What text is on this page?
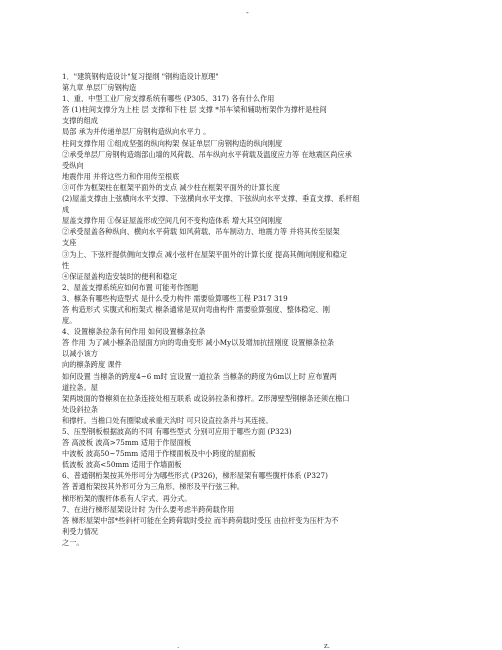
-
1．"建筑钢构造设计"复习提纲 "钢构造设计原理"
第九章 单层厂房钢构造
1、重、中型工业厂房支撑系统有哪些 (P305、317) 各有什么作用
答 (1)柱间支撑分为上柱 层 支撑和下柱 层 支撑 *吊车梁和辅助桁架作为撑杆是柱间
支撑的组成
局部 承为并传递单层厂房钢构造纵向水平力 。
柱间支撑作用 ①组成坚强的纵向构架 保证单层厂房钢构造的纵向刚度
②承受单层厂房钢构造端部山墙的风荷载、吊车纵向水平荷载及温度应力等 在地震区尚应承
受纵向
地震作用 并将这些力和作用传至根底
③可作为框架柱在框架平面外的支点 减少柱在框架平面外的计算长度
(2)屋盖支撑由上弦横向水平支撑、下弦横向水平支撑、下弦纵向水平支撑、垂直支撑、系杆组
成
屋盖支撑作用 ①保证屋盖形成空间几何不变构造体系 增大其空间刚度
②承受屋盖各种纵向、横向水平荷载 如风荷载、吊车制动力、地震力等 并将其传至屋架
支座
③为上、下弦杆提供侧向支撑点 减小弦杆在屋架平面外的计算长度 提高其侧向刚度和稳定
性
④保证屋盖构造安装时的便利和稳定
2、屋盖支撑系统应如何布置 可能考作图题
3、檩条有哪些构造型式 是什么受力构件 需要验算哪些工程 P317 319
答 构造形式 实腹式和桁架式 檩条通常是双向弯曲构件 需要验算强度、整体稳定、刚
度。
4、设置檩条拉条有何作用 如何设置檩条拉条
答 作用 为了减小檩条沿屋面方向的弯曲变形 减小My以及增加抗扭刚度 设置檩条拉条
以减小该方
向的檩条跨度 课件
如何设置 当檩条的跨度4~6 m时 宜设置一道拉条 当檩条的跨度为6m以上时 应布置两
道拉条。屋
架两坡面的脊檩须在拉条连接处相互联系 或设斜拉条和撑杆。Z形薄壁型钢檩条还须在檐口
处设斜拉条
和撑杆。当檐口处有圈梁或承重天沟时 可只设直拉条并与其连接。
5、压型钢板根据波高的不同 有哪些型式 分别可应用于哪些方面 (P323)
答 高波板 波高>75mm 适用于作屋面板
中波板 波高50~75mm 适用于作楼面板及中小跨度的屋面板
低波板 波高<50mm 适用于作墙面板
6、普通钢桁架按其外形可分为哪些形式 (P326)，梯形屋架有哪些腹杆体系 (P327)
答 普通桁架按其外形可分为三角形、梯形及平行弦三种。
梯形桁架的腹杆体系有人字式、再分式。
7、在进行梯形屋架设计时 为什么要考虑半跨荷载作用
答 梯形屋架中部*些斜杆可能在全跨荷载时受拉 而半跨荷载时受压 由拉杆变为压杆为不
利受力情况
之一。
.	z.
